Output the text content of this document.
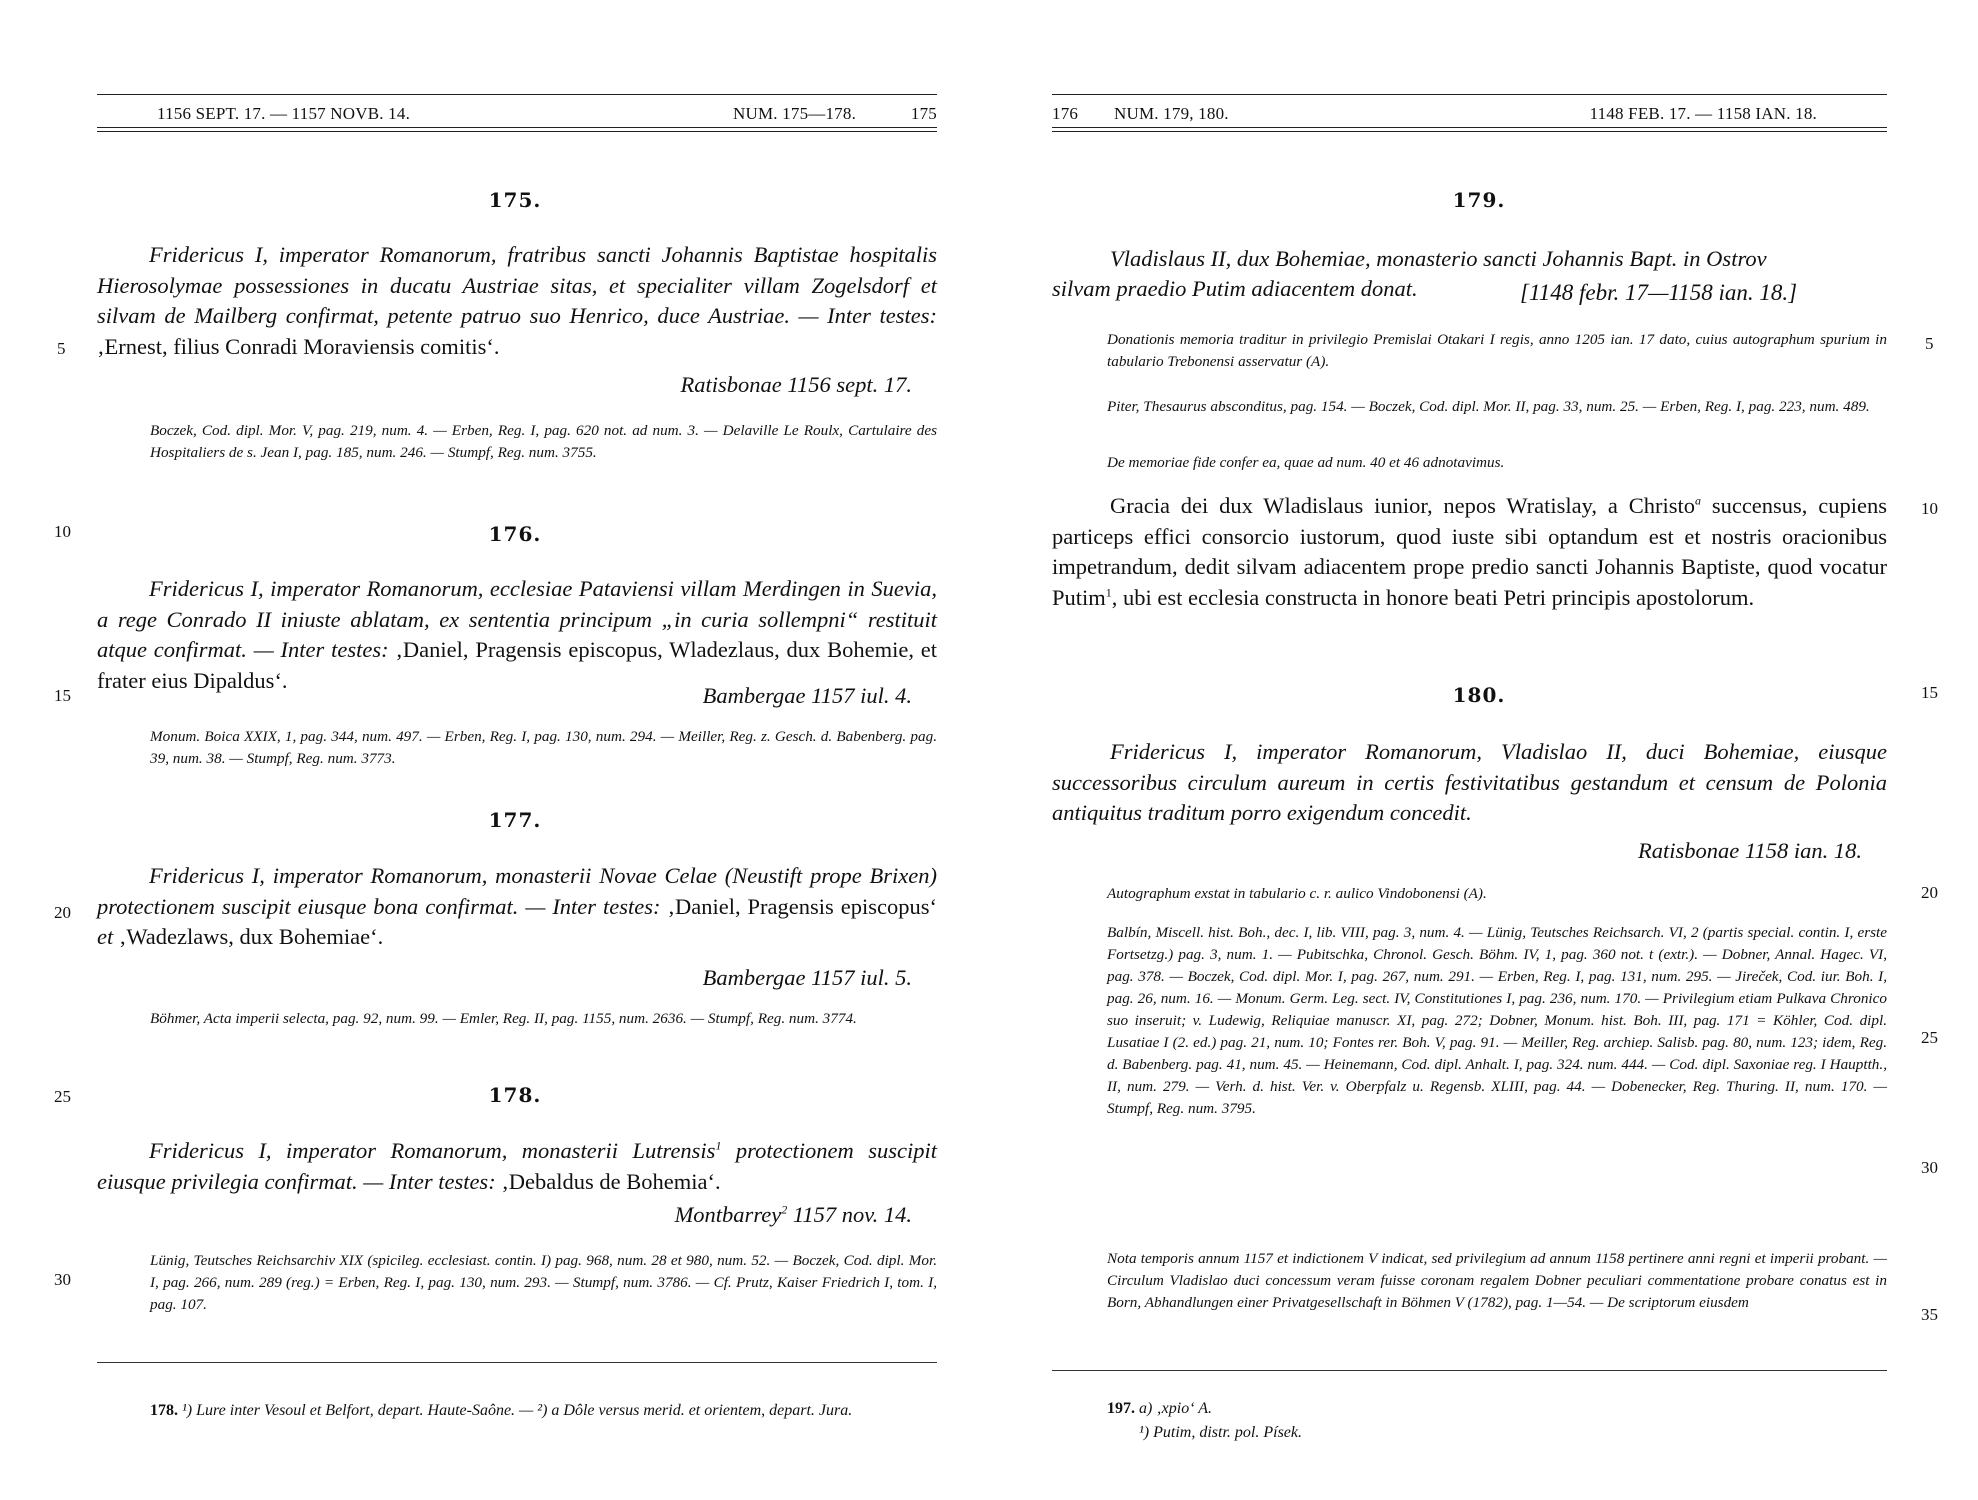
1156 SEPT. 17. — 1157 NOVB. 14.	NUM. 175—178.	175
5
10
15
20
25
30
175.
Fridericus I, imperator Romanorum, fratribus sancti Johannis Baptistae hospitalis Hierosolymae possessiones in ducatu Austriae sitas, et specialiter villam Zogelsdorf et silvam de Mailberg confirmat, petente patruo suo Henrico, duce Austriae. — Inter testes: ‚Ernest, filius Conradi Moraviensis comitis‘.
Ratisbonae 1156 sept. 17.
Boczek, Cod. dipl. Mor. V, pag. 219, num. 4. — Erben, Reg. I, pag. 620 not. ad num. 3. — Delaville Le Roulx, Cartulaire des Hospitaliers de s. Jean I, pag. 185, num. 246. — Stumpf, Reg. num. 3755.
176.
Fridericus I, imperator Romanorum, ecclesiae Pataviensi villam Merdingen in Suevia, a rege Conrado II iniuste ablatam, ex sententia principum „in curia sollempni“ restituit atque confirmat. — Inter testes: ‚Daniel, Pragensis episcopus, Wladezlaus, dux Bohemie, et frater eius Dipaldus‘.
Bambergae 1157 iul. 4.
Monum. Boica XXIX, 1, pag. 344, num. 497. — Erben, Reg. I, pag. 130, num. 294. — Meiller, Reg. z. Gesch. d. Babenberg. pag. 39, num. 38. — Stumpf, Reg. num. 3773.
177.
Fridericus I, imperator Romanorum, monasterii Novae Celae (Neustift prope Brixen) protectionem suscipit eiusque bona confirmat. — Inter testes: ‚Daniel, Pragensis episcopus‘ et ‚Wadezlaws, dux Bohemiae‘.
Bambergae 1157 iul. 5.
Böhmer, Acta imperii selecta, pag. 92, num. 99. — Emler, Reg. II, pag. 1155, num. 2636. — Stumpf, Reg. num. 3774.
178.
Fridericus I, imperator Romanorum, monasterii Lutrensis$^1$ protectionem suscipit eiusque privilegia confirmat. — Inter testes: ‚Debaldus de Bohemia‘.
Montbarrey$^2$ 1157 nov. 14.
Lünig, Teutsches Reichsarchiv XIX (spicileg. ecclesiast. contin. I) pag. 968, num. 28 et 980, num. 52. — Boczek, Cod. dipl. Mor. I, pag. 266, num. 289 (reg.) = Erben, Reg. I, pag. 130, num. 293. — Stumpf, num. 3786. — Cf. Prutz, Kaiser Friedrich I, tom. I, pag. 107.
178. ¹) Lure inter Vesoul et Belfort, depart. Haute-Saône. — ²) a Dôle versus merid. et orientem, depart. Jura.
176 NUM. 179, 180.	1148 FEB. 17. — 1158 IAN. 18.
5
10
15
20
25
30
35
179.
Vladislaus II, dux Bohemiae, monasterio sancti Johannis Bapt. in Ostrov
silvam praedio Putim adiacentem donat.	[1148 febr. 17—1158 ian. 18.]
Donationis memoria traditur in privilegio Premislai Otakari I regis, anno 1205 ian. 17 dato, cuius autographum spurium in tabulario Trebonensi asservatur (A).
Piter, Thesaurus absconditus, pag. 154. — Boczek, Cod. dipl. Mor. II, pag. 33, num. 25. — Erben, Reg. I, pag. 223, num. 489.
De memoriae fide confer ea, quae ad num. 40 et 46 adnotavimus.
Gracia dei dux Wladislaus iunior, nepos Wratislay, a Christo$^a$ succensus, cupiens particeps effici consorcio iustorum, quod iuste sibi optandum est et nostris oracionibus impetrandum, dedit silvam adiacentem prope predio sancti Johannis Baptiste, quod vocatur Putim$^1$, ubi est ecclesia constructa in honore beati Petri principis apostolorum.
180.
Fridericus I, imperator Romanorum, Vladislao II, duci Bohemiae, eiusque successoribus circulum aureum in certis festivitatibus gestandum et censum de Polonia antiquitus traditum porro exigendum concedit.
Ratisbonae 1158 ian. 18.
Autographum exstat in tabulario c. r. aulico Vindobonensi (A).
Balbín, Miscell. hist. Boh., dec. I, lib. VIII, pag. 3, num. 4. — Lünig, Teutsches Reichsarch. VI, 2 (partis special. contin. I, erste Fortsetzg.) pag. 3, num. 1. — Pubitschka, Chronol. Gesch. Böhm. IV, 1, pag. 360 not. t (extr.). — Dobner, Annal. Hagec. VI, pag. 378. — Boczek, Cod. dipl. Mor. I, pag. 267, num. 291. — Erben, Reg. I, pag. 131, num. 295. — Jireček, Cod. iur. Boh. I, pag. 26, num. 16. — Monum. Germ. Leg. sect. IV, Constitutiones I, pag. 236, num. 170. — Privilegium etiam Pulkava Chronico suo inseruit; v. Ludewig, Reliquiae manuscr. XI, pag. 272; Dobner, Monum. hist. Boh. III, pag. 171 = Köhler, Cod. dipl. Lusatiae I (2. ed.) pag. 21, num. 10; Fontes rer. Boh. V, pag. 91. — Meiller, Reg. archiep. Salisb. pag. 80, num. 123; idem, Reg. d. Babenberg. pag. 41, num. 45. — Heinemann, Cod. dipl. Anhalt. I, pag. 324. num. 444. — Cod. dipl. Saxoniae reg. I Hauptth., II, num. 279. — Verh. d. hist. Ver. v. Oberpfalz u. Regensb. XLIII, pag. 44. — Dobenecker, Reg. Thuring. II, num. 170. — Stumpf, Reg. num. 3795.
Nota temporis annum 1157 et indictionem V indicat, sed privilegium ad annum 1158 pertinere anni regni et imperii probant. — Circulum Vladislao duci concessum veram fuisse coronam regalem Dobner peculiari commentatione probare conatus est in Born, Abhandlungen einer Privatgesellschaft in Böhmen V (1782), pag. 1—54. — De scriptorum eiusdem
197. a) ‚xpio‘ A.
¹) Putim, distr. pol. Písek.
